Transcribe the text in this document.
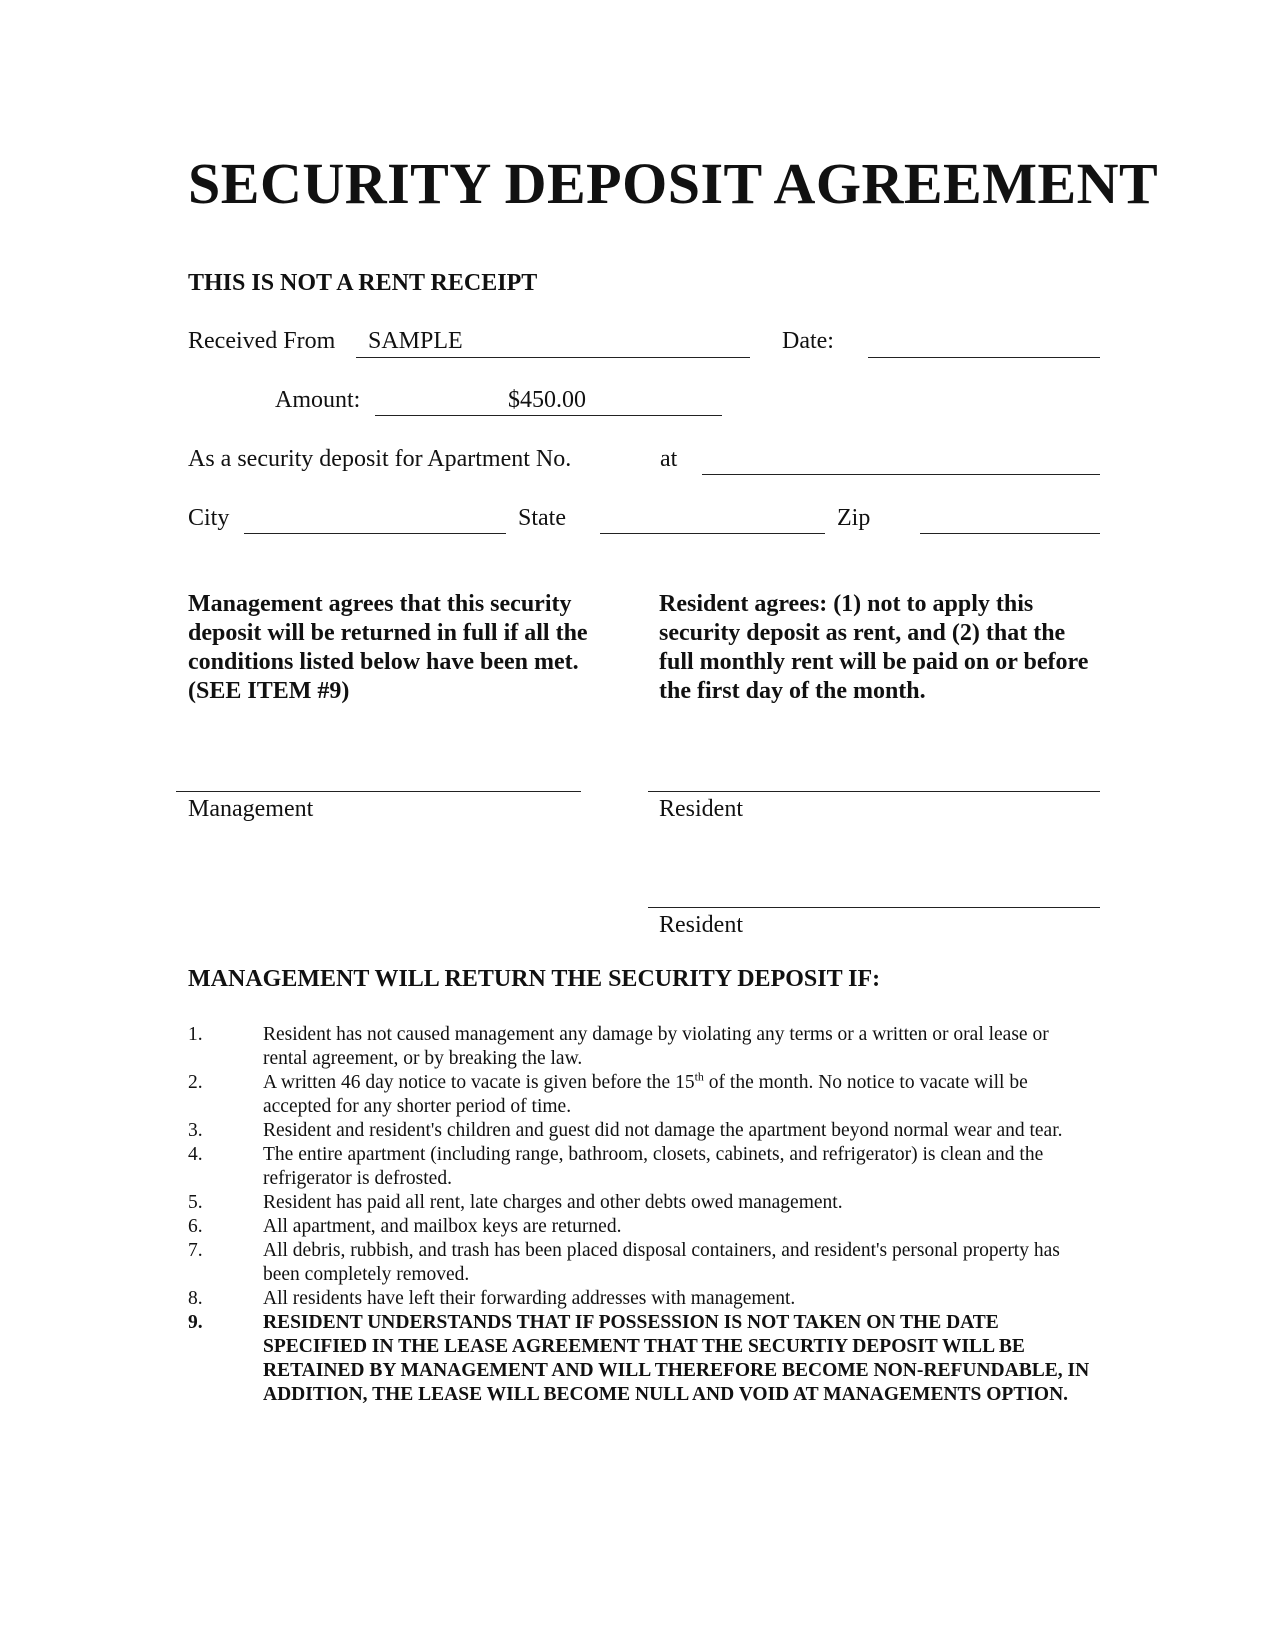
SECURITY DEPOSIT AGREEMENT
THIS IS NOT A RENT RECEIPT
Received From SAMPLE	Date:
Amount:	$450.00
As a security deposit for Apartment No.	at
City	State	Zip
Management agrees that this security deposit will be returned in full if all the conditions listed below have been met. (SEE ITEM #9)
Resident agrees: (1) not to apply this security deposit as rent, and (2) that the full monthly rent will be paid on or before the first day of the month.
Management	Resident
Resident
MANAGEMENT WILL RETURN THE SECURITY DEPOSIT IF:
1.	Resident has not caused management any damage by violating any terms or a written or oral lease or rental agreement, or by breaking the law.
2.	A written 46 day notice to vacate is given before the 15th of the month. No notice to vacate will be accepted for any shorter period of time.
3.	Resident and resident's children and guest did not damage the apartment beyond normal wear and tear.
4.	The entire apartment (including range, bathroom, closets, cabinets, and refrigerator) is clean and the refrigerator is defrosted.
5.	Resident has paid all rent, late charges and other debts owed management.
6.	All apartment, and mailbox keys are returned.
7.	All debris, rubbish, and trash has been placed disposal containers, and resident's personal property has been completely removed.
8.	All residents have left their forwarding addresses with management.
9.	RESIDENT UNDERSTANDS THAT IF POSSESSION IS NOT TAKEN ON THE DATE SPECIFIED IN THE LEASE AGREEMENT THAT THE SECURTIY DEPOSIT WILL BE RETAINED BY MANAGEMENT AND WILL THEREFORE BECOME NON-REFUNDABLE, IN ADDITION, THE LEASE WILL BECOME NULL AND VOID AT MANAGEMENTS OPTION.
